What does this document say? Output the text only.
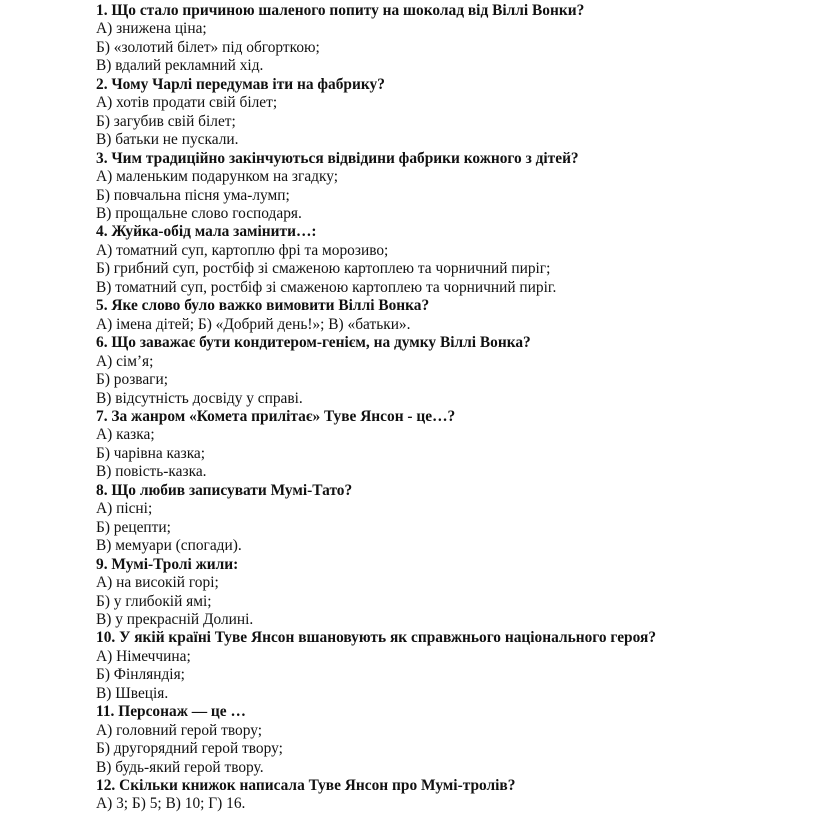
1. Що стало причиною шаленого попиту на шоколад від Віллі Вонки?

А) знижена ціна;

Б) «золотий білет» під обгорткою;

В) вдалий рекламний хід.

2. Чому Чарлі передумав іти на фабрику?

А) хотів продати свій білет;

Б) загубив свій білет;

В) батьки не пускали.

3. Чим традиційно закінчуються відвідини фабрики кожного з дітей?

А) маленьким подарунком на згадку;

Б) повчальна пісня ума-лумп;

В) прощальне слово господаря.

4. Жуйка-обід мала замінити…:

А) томатний суп, картоплю фрі та морозиво;

Б) грибний суп, ростбіф зі смаженою картоплею та чорничний пиріг;

В) томатний суп, ростбіф зі смаженою картоплею та чорничний пиріг.

5. Яке слово було важко вимовити Віллі Вонка?

А) імена дітей; Б) «Добрий день!»; В) «батьки».

6. Що заважає бути кондитером-генієм, на думку Віллі Вонка?

А) сім’я;

Б) розваги;

В) відсутність досвіду у справі.

7. За жанром «Комета прилітає» Туве Янсон - це…?

А) казка;

Б) чарівна казка;

В) повість-казка.

8. Що любив записувати Мумі-Тато?

А) пісні;

Б) рецепти;

В) мемуари (спогади).

9. Мумі-Тролі жили:

А) на високій горі;

Б) у глибокій ямі;

В) у прекрасній Долині.

10. У якій країні Туве Янсон вшановують як справжнього національного героя?

А) Німеччина;

Б) Фінляндія;

В) Швеція.

11. Персонаж — це …

А) головний герой твору;

Б) другорядний герой твору;

В) будь-який герой твору.

12. Скільки книжок написала Туве Янсон про Мумі-тролів?

А) 3; Б) 5; В) 10; Г) 16.
